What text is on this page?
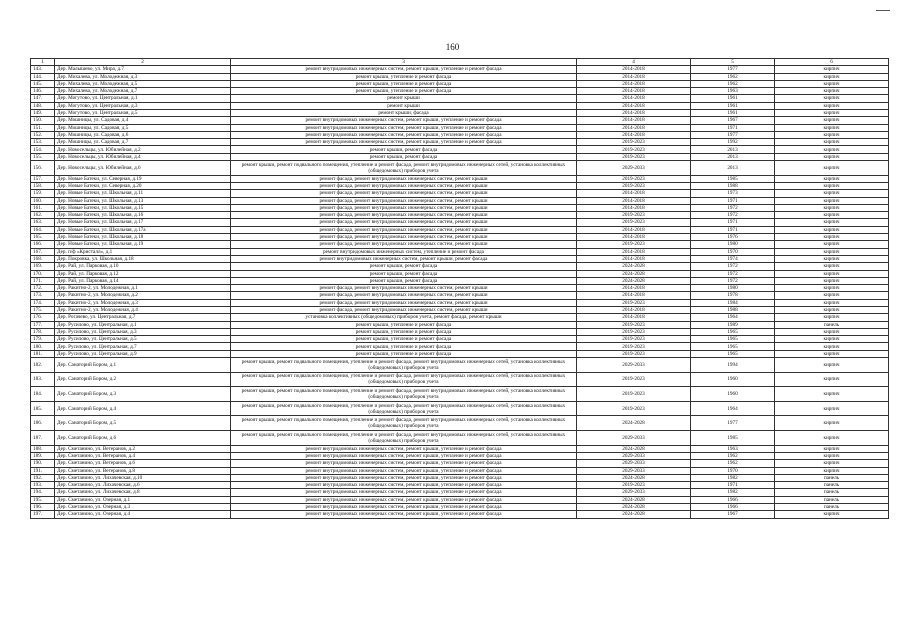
160
1	2	3	4	5	6
143.	Дер. Малышево, ул. Мира, д.7	ремонт внутридомовых инженерных систем, ремонт крыши, утепление и ремонт фасада	2014-2018	1977	кирпич
144.	Дер. Михалева, ул. Молодежная, д.3	ремонт крыши, утепление и ремонт фасада	2014-2018	1962	кирпич
145.	Дер. Михалева, ул. Молодежная, д.5	ремонт крыши, утепление и ремонт фасада	2014-2018	1962	кирпич
146.	Дер. Михалева, ул. Молодежная, д.7	ремонт крыши, утепление и ремонт фасада	2014-2018	1963	кирпич
147.	Дер. Могутово, ул. Центральная, д.1	ремонт крыши	2014-2018	1961	кирпич
148.	Дер. Могутово, ул. Центральная, д.3	ремонт крыши	2014-2018	1961	кирпич
149.	Дер. Могутово, ул. Центральная, д.5	ремонт крыши, фасада	2014-2018	1961	кирпич
150.	Дер. Мошницы, ул. Садовая, д.4	ремонт внутридомовых инженерных систем, ремонт крыши, утепление и ремонт фасада	2014-2018	1967	кирпич
151.	Дер. Мошницы, ул. Садовая, д.5	ремонт внутридомовых инженерных систем, ремонт крыши, утепление и ремонт фасада	2014-2018	1971	кирпич
152.	Дер. Мошницы, ул. Садовая, д.6	ремонт внутридомовых инженерных систем, ремонт крыши, утепление и ремонт фасада	2014-2018	1977	кирпич
153.	Дер. Мошницы, ул. Садовая, д.7	ремонт внутридомовых инженерных систем, ремонт крыши, утепление и ремонт фасада	2019-2023	1992	кирпич
154.	Дер. Новосельцы, ул. Юбилейная, д.2	ремонт крыши, ремонт фасада	2019-2023	2013	кирпич
155.	Дер. Новосельцы, ул. Юбилейная, д.4	ремонт крыши, ремонт фасада	2019-2023	2013	кирпич
156.	Дер. Новосельцы, ул. Юбилейная, д.6	ремонт крыши, ремонт подвального помещения, утепление и ремонт фасада, ремонт внутридомовых инженерных сетей, установка коллективных (общедомовых) приборов учета	2029-2033	2013	кирпич
157.	Дер. Новые Батеки, ул. Северная, д.19	ремонт фасада, ремонт внутридомовых инженерных систем, ремонт крыши	2019-2023	1985	кирпич
158.	Дер. Новые Батеки, ул. Северная, д.20	ремонт фасада, ремонт внутридомовых инженерных систем, ремонт крыши	2019-2023	1988	кирпич
159.	Дер. Новые Батеки, ул. Школьная, д.11	ремонт фасада, ремонт внутридомовых инженерных систем, ремонт крыши	2014-2018	1973	кирпич
160.	Дер. Новые Батеки, ул. Школьная, д.13	ремонт фасада, ремонт внутридомовых инженерных систем, ремонт крыши	2014-2018	1971	кирпич
161.	Дер. Новые Батеки, ул. Школьная, д.15	ремонт фасада, ремонт внутридомовых инженерных систем, ремонт крыши	2014-2018	1972	кирпич
162.	Дер. Новые Батеки, ул. Школьная, д.16	ремонт фасада, ремонт внутридомовых инженерных систем, ремонт крыши	2019-2023	1972	кирпич
163.	Дер. Новые Батеки, ул. Школьная, д.17	ремонт фасада, ремонт внутридомовых инженерных систем, ремонт крыши	2019-2023	1971	кирпич
164.	Дер. Новые Батеки, ул. Школьная, д.17а	ремонт фасада, ремонт внутридомовых инженерных систем, ремонт крыши	2014-2018	1971	кирпич
165.	Дер. Новые Батеки, ул. Школьная, д.18	ремонт фасада, ремонт внутридомовых инженерных систем, ремонт крыши	2014-2018	1976	кирпич
166.	Дер. Новые Батеки, ул. Школьная, д.19	ремонт фасада, ремонт внутридомовых инженерных систем, ремонт крыши	2019-2023	1980	кирпич
167.	Дер. п/ф «Кристалл», д.1	ремонт внутридомовых инженерных систем, утепление и ремонт фасада	2014-2018	1970	кирпич
168.	Дер. Покровка, ул. Школьная, д.18	ремонт внутридомовых инженерных систем, ремонт крыши, ремонт фасада	2014-2018	1974	кирпич
169.	Дер. Рай, ул. Парковая, д.10	ремонт крыши, ремонт фасада	2024-2028	1972	кирпич
170.	Дер. Рай, ул. Парковая, д.12	ремонт крыши, ремонт фасада	2024-2028	1972	кирпич
171.	Дер. Рай, ул. Парковая, д.14	ремонт крыши, ремонт фасада	2024-2028	1972	кирпич
172.	Дер. Ракитно-2, ул. Молодежная, д.1	ремонт фасада, ремонт внутридомовых инженерных систем, ремонт крыши	2014-2018	1980	кирпич
173.	Дер. Ракитно-2, ул. Молодежная, д.2	ремонт фасада, ремонт внутридомовых инженерных систем, ремонт крыши	2014-2018	1978	кирпич
174.	Дер. Ракитно-2, ул. Молодежная, д.3	ремонт фасада, ремонт внутридомовых инженерных систем, ремонт крыши	2019-2023	1984	кирпич
175.	Дер. Ракитно-2, ул. Молодежная, д.4	ремонт фасада, ремонт внутридомовых инженерных систем, ремонт крыши	2014-2018	1988	кирпич
176.	Дер. Рогачево, ул. Центральная, д.7	установка коллективных (общедомовых) приборов учета, ремонт фасада, ремонт крыши	2014-2018	1964	кирпич
177.	Дер. Русилово, ул. Центральная, д.1	ремонт крыши, утепление и ремонт фасада	2019-2023	1989	панель
178.	Дер. Русилово, ул. Центральная, д.3	ремонт крыши, утепление и ремонт фасада	2019-2023	1965	кирпич
179.	Дер. Русилово, ул. Центральная, д.5	ремонт крыши, утепление и ремонт фасада	2019-2023	1965	кирпич
180.	Дер. Русилово, ул. Центральная, д.7	ремонт крыши, утепление и ремонт фасада	2019-2023	1965	кирпич
181.	Дер. Русилово, ул. Центральная, д.9	ремонт крыши, утепление и ремонт фасада	2019-2023	1965	кирпич
182.	Дер. Санаторий Бором, д.1	ремонт крыши, ремонт подвального помещения, утепление и ремонт фасада, ремонт внутридомовых инженерных сетей, установка коллективных (общедомовых) приборов учета	2029-2033	1994	кирпич
183.	Дер. Санаторий Бором, д.2	ремонт крыши, ремонт подвального помещения, утепление и ремонт фасада, ремонт внутридомовых инженерных сетей, установка коллективных (общедомовых) приборов учета	2019-2023	1960	кирпич
184.	Дер. Санаторий Бором, д.3	ремонт крыши, ремонт подвального помещения, утепление и ремонт фасада, ремонт внутридомовых инженерных сетей, установка коллективных (общедомовых) приборов учета	2019-2023	1960	кирпич
185.	Дер. Санаторий Бором, д.4	ремонт крыши, ремонт подвального помещения, утепление и ремонт фасада, ремонт внутридомовых инженерных сетей, установка коллективных (общедомовых) приборов учета	2019-2023	1964	кирпич
186.	Дер. Санаторий Бором, д.5	ремонт крыши, ремонт подвального помещения, утепление и ремонт фасада, ремонт внутридомовых инженерных сетей, установка коллективных (общедомовых) приборов учета	2024-2028	1977	кирпич
187.	Дер. Санаторий Бором, д.6	ремонт крыши, ремонт подвального помещения, утепление и ремонт фасада, ремонт внутридомовых инженерных сетей, установка коллективных (общедомовых) приборов учета	2029-2033	1985	кирпич
188.	Дер. Сметанино, ул. Ветеранов, д.2	ремонт внутридомовых инженерных систем, ремонт крыши, утепление и ремонт фасада	2024-2028	1963	кирпич
189.	Дер. Сметанино, ул. Ветеранов, д.4	ремонт внутридомовых инженерных систем, ремонт крыши, утепление и ремонт фасада	2029-2033	1962	кирпич
190.	Дер. Сметанино, ул. Ветеранов, д.6	ремонт внутридомовых инженерных систем, ремонт крыши, утепление и ремонт фасада	2029-2033	1962	кирпич
191.	Дер. Сметанино, ул. Ветеранов, д.8	ремонт внутридомовых инженерных систем, ремонт крыши, утепление и ремонт фасада	2029-2033	1970	кирпич
192.	Дер. Сметанино, ул. Лихачевская, д.10	ремонт внутридомовых инженерных систем, ремонт крыши, утепление и ремонт фасада	2024-2028	1982	панель
193.	Дер. Сметанино, ул. Лихачевская, д.6	ремонт внутридомовых инженерных систем, ремонт крыши, утепление и ремонт фасада	2019-2023	1971	панель
194.	Дер. Сметанино, ул. Лихачевская, д.8	ремонт внутридомовых инженерных систем, ремонт крыши, утепление и ремонт фасада	2029-2033	1982	панель
195.	Дер. Сметанино, ул. Озерная, д.1	ремонт внутридомовых инженерных систем, ремонт крыши, утепление и ремонт фасада	2024-2028	1966	панель
196.	Дер. Сметанино, ул. Озерная, д.3	ремонт внутридомовых инженерных систем, ремонт крыши, утепление и ремонт фасада	2024-2028	1966	панель
197.	Дер. Сметанино, ул. Озерная, д.4	ремонт внутридомовых инженерных систем, ремонт крыши, утепление и ремонт фасада	2024-2028	1967	кирпич
